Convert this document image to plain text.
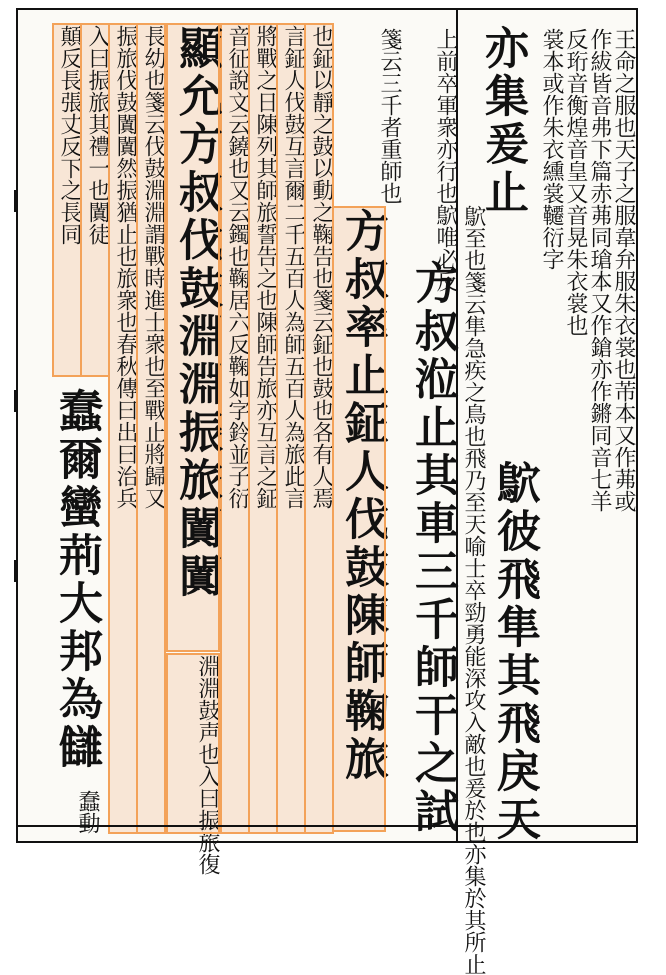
王命之服也天子之服韋弁服朱衣裳也芾本又作茀或
作紱皆音弗下篇赤茀同瑲本又作鎗亦作鏘同音七羊
反珩音衡煌音皇又音晃朱衣裳也
裳本或作朱衣纁裳韆衍字
亦集爰止
鴥彼飛隼其飛戾天
鴥至也箋云隼急疾之鳥也飛乃至天喻士卒勁勇能深攻入敵也爰於也亦集於其所止
上前卒軍衆亦行也鴥唯必反
方叔涖止其車三千師干之試
箋云三千者重師也
方叔率止鉦人伐鼓陳師鞠旅
也鉦以靜之鼓以動之鞠告也箋云鉦也鼓也各有人焉
言鉦人伐鼓互言爾二千五百人為師五百人為旅此言
將戰之日陳列其師旅誓告之也陳師告旅亦互言之鉦
音征說文云鐃也又云鐲也鞠居六反鞠如字鈴並子衍
顯允方叔伐鼓淵淵振旅闐闐
淵淵鼓声也入曰振旅復
長幼也箋云伐鼓淵淵謂戰時進士衆也至戰止將歸又
振旅伐鼓闐闐然振猶止也旅衆也春秋傳曰出曰治兵
入曰振旅其禮一也闐徒
顛反長張丈反下之長同
蠢爾蠻荊大邦為讎
蠢動
